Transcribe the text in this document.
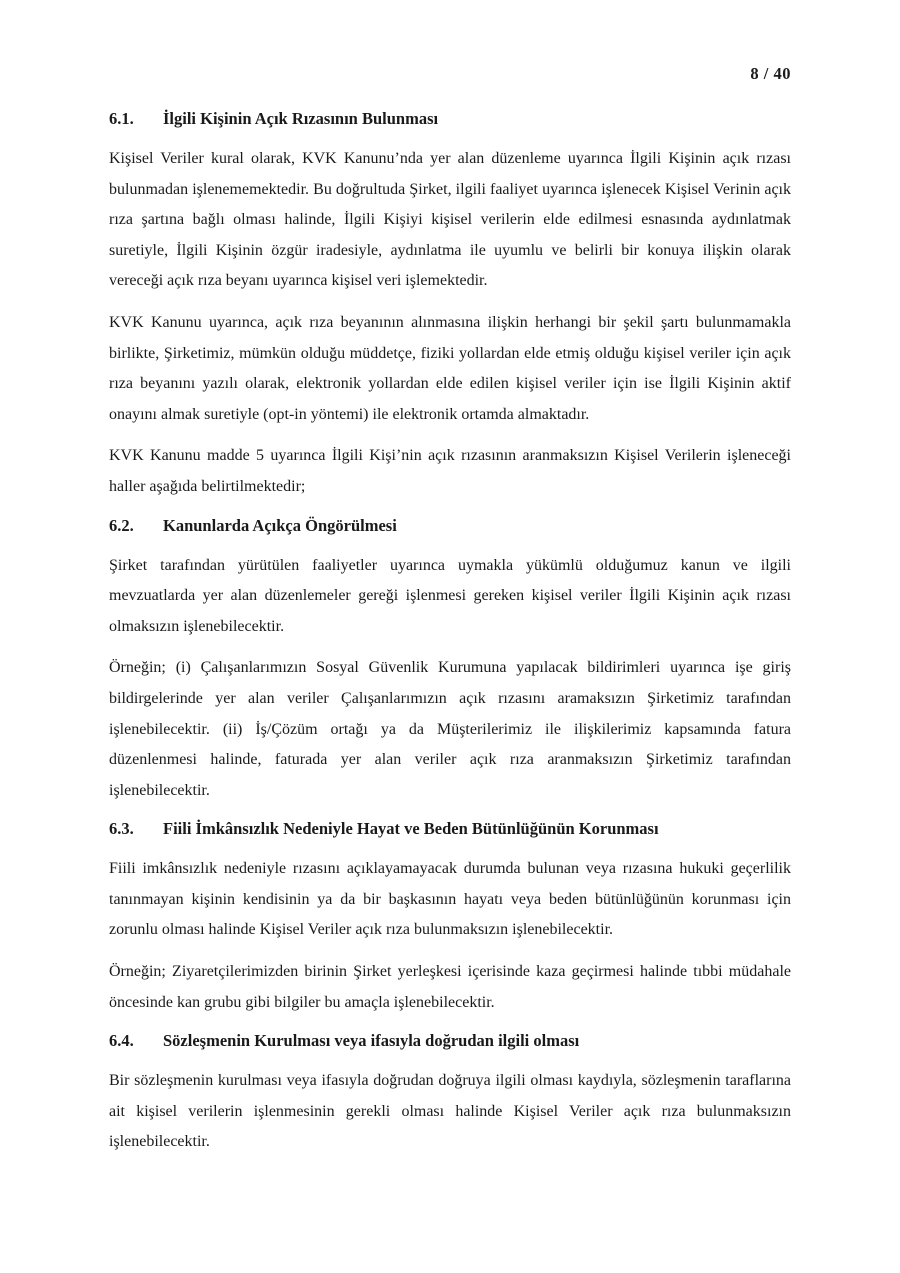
8 / 40
6.1.	İlgili Kişinin Açık Rızasının Bulunması

Kişisel Veriler kural olarak, KVK Kanunu’nda yer alan düzenleme uyarınca İlgili Kişinin açık rızası bulunmadan işlenememektedir. Bu doğrultuda Şirket, ilgili faaliyet uyarınca işlenecek Kişisel Verinin açık rıza şartına bağlı olması halinde, İlgili Kişiyi kişisel verilerin elde edilmesi esnasında aydınlatmak suretiyle, İlgili Kişinin özgür iradesiyle, aydınlatma ile uyumlu ve belirli bir konuya ilişkin olarak vereceği açık rıza beyanı uyarınca kişisel veri işlemektedir.

KVK Kanunu uyarınca, açık rıza beyanının alınmasına ilişkin herhangi bir şekil şartı bulunmamakla birlikte, Şirketimiz, mümkün olduğu müddetçe, fiziki yollardan elde etmiş olduğu kişisel veriler için açık rıza beyanını yazılı olarak, elektronik yollardan elde edilen kişisel veriler için ise İlgili Kişinin aktif onayını almak suretiyle (opt-in yöntemi) ile elektronik ortamda almaktadır.

KVK Kanunu madde 5 uyarınca İlgili Kişi’nin açık rızasının aranmaksızın Kişisel Verilerin işleneceği haller aşağıda belirtilmektedir;

6.2.	Kanunlarda Açıkça Öngörülmesi

Şirket tarafından yürütülen faaliyetler uyarınca uymakla yükümlü olduğumuz kanun ve ilgili mevzuatlarda yer alan düzenlemeler gereği işlenmesi gereken kişisel veriler İlgili Kişinin açık rızası olmaksızın işlenebilecektir.

Örneğin; (i) Çalışanlarımızın Sosyal Güvenlik Kurumuna yapılacak bildirimleri uyarınca işe giriş bildirgelerinde yer alan veriler Çalışanlarımızın açık rızasını aramaksızın Şirketimiz tarafından işlenebilecektir. (ii) İş/Çözüm ortağı ya da Müşterilerimiz ile ilişkilerimiz kapsamında fatura düzenlenmesi halinde, faturada yer alan veriler açık rıza aranmaksızın Şirketimiz tarafından işlenebilecektir.

6.3.	Fiili İmkânsızlık Nedeniyle Hayat ve Beden Bütünlüğünün Korunması

Fiili imkânsızlık nedeniyle rızasını açıklayamayacak durumda bulunan veya rızasına hukuki geçerlilik tanınmayan kişinin kendisinin ya da bir başkasının hayatı veya beden bütünlüğünün korunması için zorunlu olması halinde Kişisel Veriler açık rıza bulunmaksızın işlenebilecektir.

Örneğin; Ziyaretçilerimizden birinin Şirket yerleşkesi içerisinde kaza geçirmesi halinde tıbbi müdahale öncesinde kan grubu gibi bilgiler bu amaçla işlenebilecektir.

6.4.	Sözleşmenin Kurulması veya ifasıyla doğrudan ilgili olması

Bir sözleşmenin kurulması veya ifasıyla doğrudan doğruya ilgili olması kaydıyla, sözleşmenin taraflarına ait kişisel verilerin işlenmesinin gerekli olması halinde Kişisel Veriler açık rıza bulunmaksızın işlenebilecektir.
